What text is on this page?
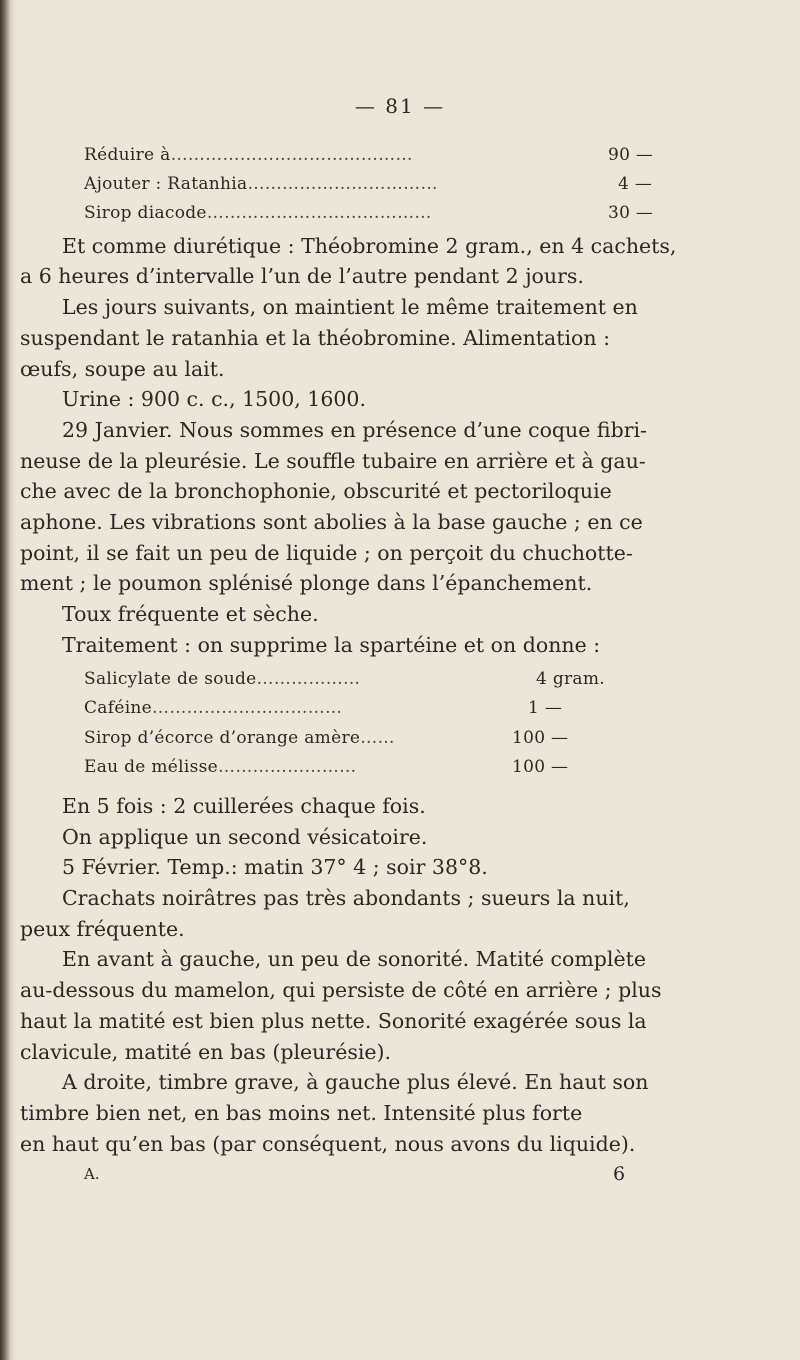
— 81 —
Réduire à……………………………………	90 —
Ajouter : Ratanhia……………………………	4 —
Sirop diacode…………………………………	30 —
Et comme diurétique : Théobromine 2 gram., en 4 cachets,
a 6 heures d’intervalle l’un de l’autre pendant 2 jours.
Les jours suivants, on maintient le même traitement en
suspendant le ratanhia et la théobromine. Alimentation :
œufs, soupe au lait.
Urine : 900 c. c., 1500, 1600.
29 Janvier. Nous sommes en présence d’une coque fibri-
neuse de la pleurésie. Le souffle tubaire en arrière et à gau-
che avec de la bronchophonie, obscurité et pectoriloquie
aphone. Les vibrations sont abolies à la base gauche ; en ce
point, il se fait un peu de liquide ; on perçoit du chuchotte-
ment ; le poumon splénisé plonge dans l’épanchement.
Toux fréquente et sèche.
Traitement : on supprime la spartéine et on donne :
Salicylate de soude………………	4 gram.
Caféine……………………………	1 —
Sirop d’écorce d’orange amère……	100 —
Eau de mélisse……………………	100 —
En 5 fois : 2 cuillerées chaque fois.
On applique un second vésicatoire.
5 Février. Temp.: matin 37° 4 ; soir 38°8.
Crachats noirâtres pas très abondants ; sueurs la nuit,
peux fréquente.
En avant à gauche, un peu de sonorité. Matité complète
au-dessous du mamelon, qui persiste de côté en arrière ; plus
haut la matité est bien plus nette. Sonorité exagérée sous la
clavicule, matité en bas (pleurésie).
A droite, timbre grave, à gauche plus élevé. En haut son
timbre bien net, en bas moins net. Intensité plus forte
en haut qu’en bas (par conséquent, nous avons du liquide).
A.	6
